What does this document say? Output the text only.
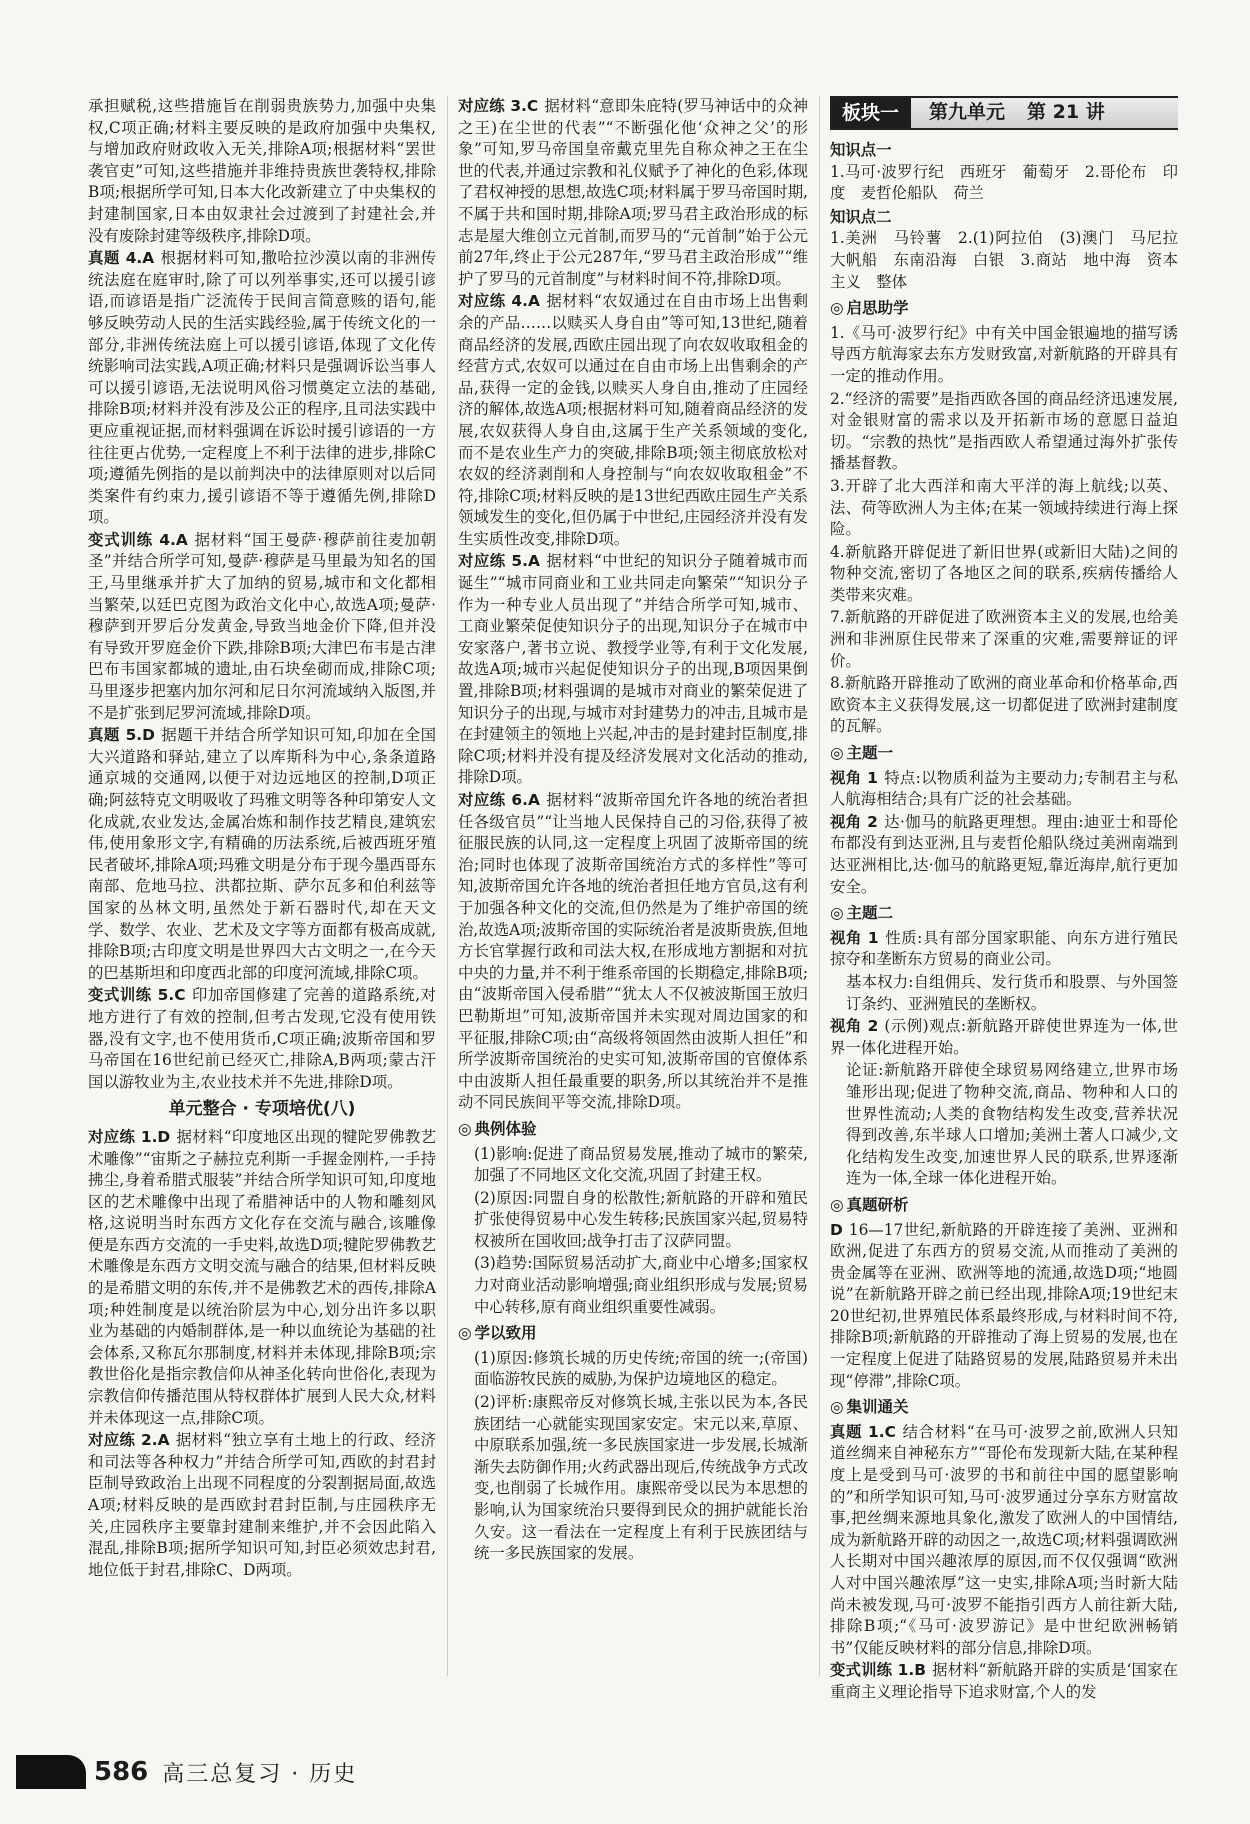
承担赋税,这些措施旨在削弱贵族势力,加强中央集权,C项正确;材料主要反映的是政府加强中央集权,与增加政府财政收入无关,排除A项;根据材料“罢世袭官吏”可知,这些措施并非维持贵族世袭特权,排除B项;根据所学可知,日本大化改新建立了中央集权的封建制国家,日本由奴隶社会过渡到了封建社会,并没有废除封建等级秩序,排除D项。

真题 4.A 根据材料可知,撒哈拉沙漠以南的非洲传统法庭在庭审时,除了可以列举事实,还可以援引谚语,而谚语是指广泛流传于民间言简意赅的语句,能够反映劳动人民的生活实践经验,属于传统文化的一部分,非洲传统法庭上可以援引谚语,体现了文化传统影响司法实践,A项正确;材料只是强调诉讼当事人可以援引谚语,无法说明风俗习惯奠定立法的基础,排除B项;材料并没有涉及公正的程序,且司法实践中更应重视证据,而材料强调在诉讼时援引谚语的一方往往更占优势,一定程度上不利于法律的进步,排除C项;遵循先例指的是以前判决中的法律原则对以后同类案件有约束力,援引谚语不等于遵循先例,排除D项。

变式训练 4.A 据材料“国王曼萨·穆萨前往麦加朝圣”并结合所学可知,曼萨·穆萨是马里最为知名的国王,马里继承并扩大了加纳的贸易,城市和文化都相当繁荣,以廷巴克图为政治文化中心,故选A项;曼萨·穆萨到开罗后分发黄金,导致当地金价下降,但并没有导致开罗庭金价下跌,排除B项;大津巴布韦是古津巴布韦国家都城的遗址,由石块垒砌而成,排除C项;马里逐步把塞内加尔河和尼日尔河流域纳入版图,并不是扩张到尼罗河流域,排除D项。

真题 5.D 据题干并结合所学知识可知,印加在全国大兴道路和驿站,建立了以库斯科为中心,条条道路通京城的交通网,以便于对边远地区的控制,D项正确;阿兹特克文明吸收了玛雅文明等各种印第安人文化成就,农业发达,金属冶炼和制作技艺精良,建筑宏伟,使用象形文字,有精确的历法系统,后被西班牙殖民者破坏,排除A项;玛雅文明是分布于现今墨西哥东南部、危地马拉、洪都拉斯、萨尔瓦多和伯利兹等国家的丛林文明,虽然处于新石器时代,却在天文学、数学、农业、艺术及文字等方面都有极高成就,排除B项;古印度文明是世界四大古文明之一,在今天的巴基斯坦和印度西北部的印度河流域,排除C项。

变式训练 5.C 印加帝国修建了完善的道路系统,对地方进行了有效的控制,但考古发现,它没有使用铁器,没有文字,也不使用货币,C项正确;波斯帝国和罗马帝国在16世纪前已经灭亡,排除A,B两项;蒙古汗国以游牧业为主,农业技术并不先进,排除D项。

单元整合 · 专项培优(八)

对应练 1.D 据材料“印度地区出现的犍陀罗佛教艺术雕像”“宙斯之子赫拉克利斯一手握金刚杵,一手持拂尘,身着希腊式服装”并结合所学知识可知,印度地区的艺术雕像中出现了希腊神话中的人物和雕刻风格,这说明当时东西方文化存在交流与融合,该雕像便是东西方交流的一手史料,故选D项;犍陀罗佛教艺术雕像是东西方文明交流与融合的结果,但材料反映的是希腊文明的东传,并不是佛教艺术的西传,排除A项;种姓制度是以统治阶层为中心,划分出许多以职业为基础的内婚制群体,是一种以血统论为基础的社会体系,又称瓦尔那制度,材料并未体现,排除B项;宗教世俗化是指宗教信仰从神圣化转向世俗化,表现为宗教信仰传播范围从特权群体扩展到人民大众,材料并未体现这一点,排除C项。

对应练 2.A 据材料“独立享有土地上的行政、经济和司法等各种权力”并结合所学可知,西欧的封君封臣制导致政治上出现不同程度的分裂割据局面,故选A项;材料反映的是西欧封君封臣制,与庄园秩序无关,庄园秩序主要靠封建制来维护,并不会因此陷入混乱,排除B项;据所学知识可知,封臣必须效忠封君,地位低于封君,排除C、D两项。

对应练 3.C 据材料“意即朱庇特(罗马神话中的众神之王)在尘世的代表”“不断强化他‘众神之父’的形象”可知,罗马帝国皇帝戴克里先自称众神之王在尘世的代表,并通过宗教和礼仪赋予了神化的色彩,体现了君权神授的思想,故选C项;材料属于罗马帝国时期,不属于共和国时期,排除A项;罗马君主政治形成的标志是屋大维创立元首制,而罗马的“元首制”始于公元前27年,终止于公元287年,“罗马君主政治形成”“维护了罗马的元首制度”与材料时间不符,排除D项。

对应练 4.A 据材料“农奴通过在自由市场上出售剩余的产品……以赎买人身自由”等可知,13世纪,随着商品经济的发展,西欧庄园出现了向农奴收取租金的经营方式,农奴可以通过在自由市场上出售剩余的产品,获得一定的金钱,以赎买人身自由,推动了庄园经济的解体,故选A项;根据材料可知,随着商品经济的发展,农奴获得人身自由,这属于生产关系领域的变化,而不是农业生产力的突破,排除B项;领主彻底放松对农奴的经济剥削和人身控制与“向农奴收取租金”不符,排除C项;材料反映的是13世纪西欧庄园生产关系领域发生的变化,但仍属于中世纪,庄园经济并没有发生实质性改变,排除D项。

对应练 5.A 据材料“中世纪的知识分子随着城市而诞生”“城市同商业和工业共同走向繁荣”“知识分子作为一种专业人员出现了”并结合所学可知,城市、工商业繁荣促使知识分子的出现,知识分子在城市中安家落户,著书立说、教授学业等,有利于文化发展,故选A项;城市兴起促使知识分子的出现,B项因果倒置,排除B项;材料强调的是城市对商业的繁荣促进了知识分子的出现,与城市对封建势力的冲击,且城市是在封建领主的领地上兴起,冲击的是封建封臣制度,排除C项;材料并没有提及经济发展对文化活动的推动,排除D项。

对应练 6.A 据材料“波斯帝国允许各地的统治者担任各级官员”“让当地人民保持自己的习俗,获得了被征服民族的认同,这一定程度上巩固了波斯帝国的统治;同时也体现了波斯帝国统治方式的多样性”等可知,波斯帝国允许各地的统治者担任地方官员,这有利于加强各种文化的交流,但仍然是为了维护帝国的统治,故选A项;波斯帝国的实际统治者是波斯贵族,但地方长官掌握行政和司法大权,在形成地方割据和对抗中央的力量,并不利于维系帝国的长期稳定,排除B项;由“波斯帝国入侵希腊”“犹太人不仅被波斯国王放归巴勒斯坦”可知,波斯帝国并未实现对周边国家的和平征服,排除C项;由“高级将领固然由波斯人担任”和所学波斯帝国统治的史实可知,波斯帝国的官僚体系中由波斯人担任最重要的职务,所以其统治并不是推动不同民族间平等交流,排除D项。

◎ 典例体验

(1)影响:促进了商品贸易发展,推动了城市的繁荣,加强了不同地区文化交流,巩固了封建王权。

(2)原因:同盟自身的松散性;新航路的开辟和殖民扩张使得贸易中心发生转移;民族国家兴起,贸易特权被所在国收回;战争打击了汉萨同盟。

(3)趋势:国际贸易活动扩大,商业中心增多;国家权力对商业活动影响增强;商业组织形成与发展;贸易中心转移,原有商业组织重要性减弱。

◎ 学以致用

(1)原因:修筑长城的历史传统;帝国的统一;(帝国)面临游牧民族的威胁,为保护边境地区的稳定。

(2)评析:康熙帝反对修筑长城,主张以民为本,各民族团结一心就能实现国家安定。宋元以来,草原、中原联系加强,统一多民族国家进一步发展,长城渐渐失去防御作用;火药武器出现后,传统战争方式改变,也削弱了长城作用。康熙帝受以民为本思想的影响,认为国家统治只要得到民众的拥护就能长治久安。这一看法在一定程度上有利于民族团结与统一多民族国家的发展。

板块一	第九单元 第 21 讲
知识点一

1.马可·波罗行纪　西班牙　葡萄牙　2.哥伦布　印度　麦哲伦船队　荷兰

知识点二

1.美洲　马铃薯　2.(1)阿拉伯　(3)澳门　马尼拉大帆船　东南沿海　白银　3.商站　地中海　资本主义　整体

◎ 启思助学

1.《马可·波罗行纪》中有关中国金银遍地的描写诱导西方航海家去东方发财致富,对新航路的开辟具有一定的推动作用。

2.“经济的需要”是指西欧各国的商品经济迅速发展,对金银财富的需求以及开拓新市场的意愿日益迫切。“宗教的热忱”是指西欧人希望通过海外扩张传播基督教。

3.开辟了北大西洋和南大平洋的海上航线;以英、法、荷等欧洲人为主体;在某一领域持续进行海上探险。

4.新航路开辟促进了新旧世界(或新旧大陆)之间的物种交流,密切了各地区之间的联系,疾病传播给人类带来灾难。

7.新航路的开辟促进了欧洲资本主义的发展,也给美洲和非洲原住民带来了深重的灾难,需要辩证的评价。

8.新航路开辟推动了欧洲的商业革命和价格革命,西欧资本主义获得发展,这一切都促进了欧洲封建制度的瓦解。

◎ 主题一

视角 1 特点:以物质利益为主要动力;专制君主与私人航海相结合;具有广泛的社会基础。

视角 2 达·伽马的航路更理想。理由:迪亚士和哥伦布都没有到达亚洲,且与麦哲伦船队绕过美洲南端到达亚洲相比,达·伽马的航路更短,靠近海岸,航行更加安全。

◎ 主题二

视角 1 性质:具有部分国家职能、向东方进行殖民掠夺和垄断东方贸易的商业公司。

基本权力:自组佣兵、发行货币和股票、与外国签订条约、亚洲殖民的垄断权。

视角 2 (示例)观点:新航路开辟使世界连为一体,世界一体化进程开始。

论证:新航路开辟使全球贸易网络建立,世界市场雏形出现;促进了物种交流,商品、物种和人口的世界性流动;人类的食物结构发生改变,营养状况得到改善,东半球人口增加;美洲土著人口减少,文化结构发生改变,加速世界人民的联系,世界逐渐连为一体,全球一体化进程开始。

◎ 真题研析

D 16—17世纪,新航路的开辟连接了美洲、亚洲和欧洲,促进了东西方的贸易交流,从而推动了美洲的贵金属等在亚洲、欧洲等地的流通,故选D项;“地圆说”在新航路开辟之前已经出现,排除A项;19世纪末20世纪初,世界殖民体系最终形成,与材料时间不符,排除B项;新航路的开辟推动了海上贸易的发展,也在一定程度上促进了陆路贸易的发展,陆路贸易并未出现“停滞”,排除C项。

◎ 集训通关

真题 1.C 结合材料“在马可·波罗之前,欧洲人只知道丝绸来自神秘东方”“哥伦布发现新大陆,在某种程度上是受到马可·波罗的书和前往中国的愿望影响的”和所学知识可知,马可·波罗通过分享东方财富故事,把丝绸来源地具象化,激发了欧洲人的中国情结,成为新航路开辟的动因之一,故选C项;材料强调欧洲人长期对中国兴趣浓厚的原因,而不仅仅强调“欧洲人对中国兴趣浓厚”这一史实,排除A项;当时新大陆尚未被发现,马可·波罗不能指引西方人前往新大陆,排除B项;“《马可·波罗游记》是中世纪欧洲畅销书”仅能反映材料的部分信息,排除D项。

变式训练 1.B 据材料“新航路开辟的实质是‘国家在重商主义理论指导下追求财富,个人的发

586 高三总复习 · 历史
